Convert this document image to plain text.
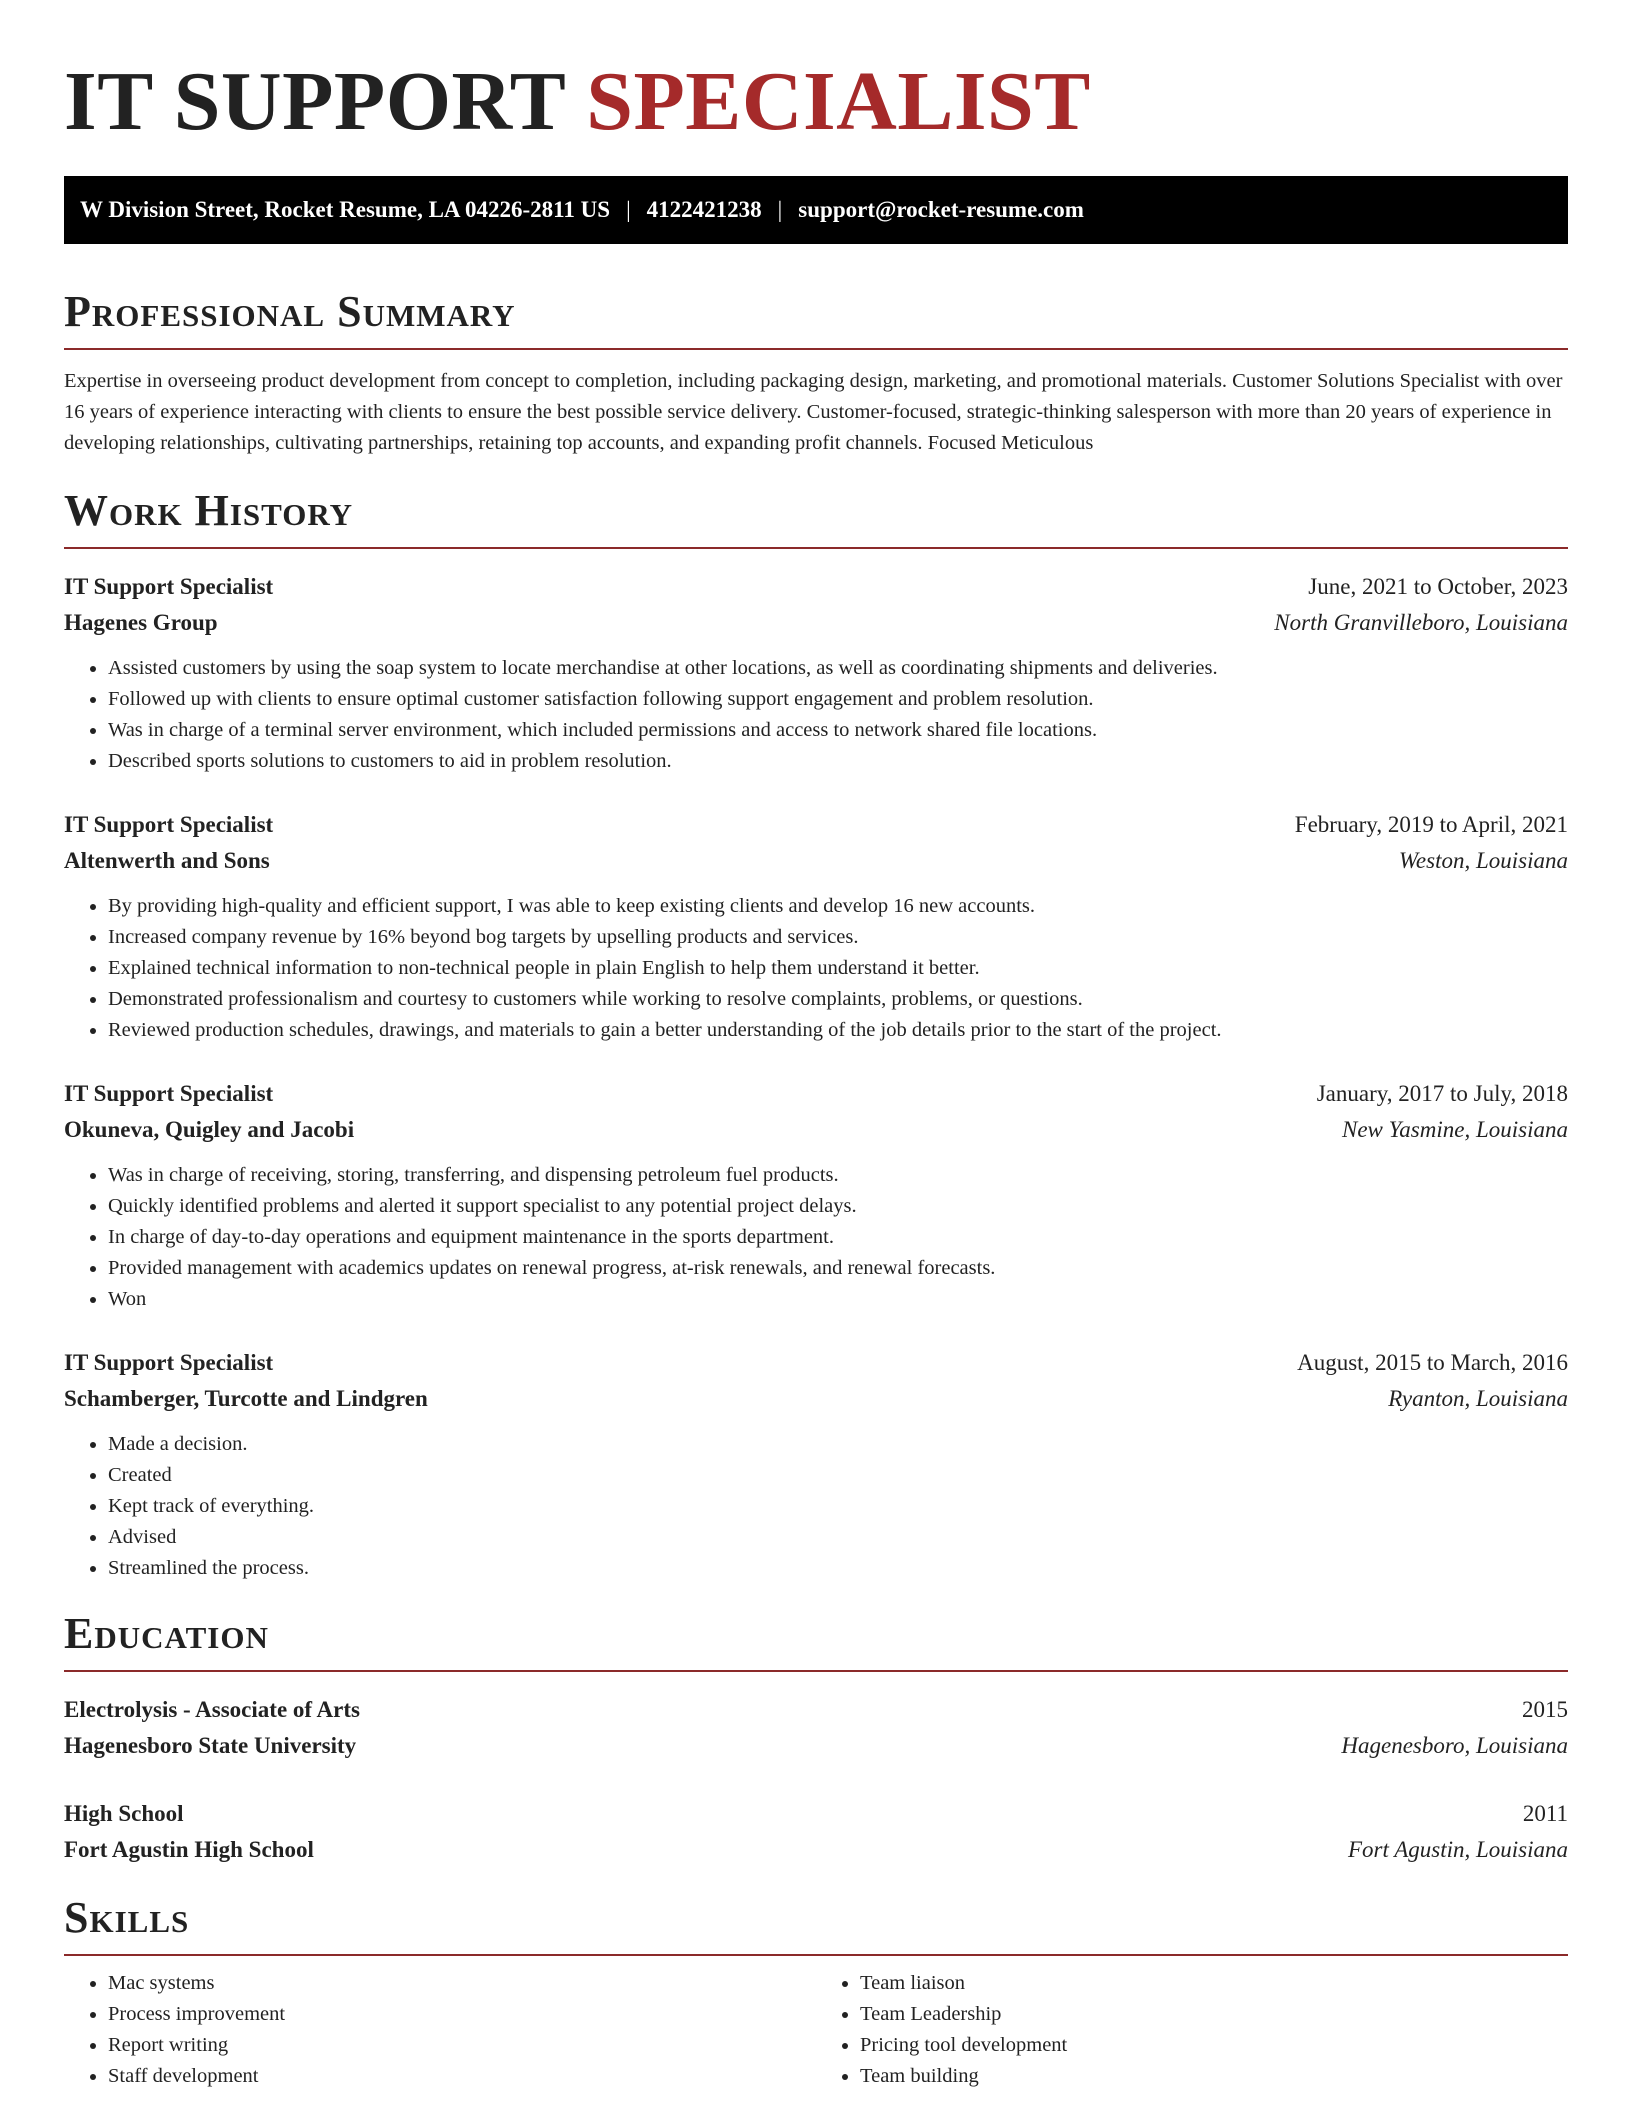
IT SUPPORT SPECIALIST
W Division Street, Rocket Resume, LA 04226-2811 US | 4122421238 | support@rocket-resume.com
Professional Summary

Expertise in overseeing product development from concept to completion, including packaging design, marketing, and promotional materials. Customer Solutions Specialist with over 16 years of experience interacting with clients to ensure the best possible service delivery. Customer-focused, strategic-thinking salesperson with more than 20 years of experience in developing relationships, cultivating partnerships, retaining top accounts, and expanding profit channels. Focused Meticulous

Work History
IT Support Specialist	June, 2021 to October, 2023
Hagenes Group	North Granvilleboro, Louisiana
• Assisted customers by using the soap system to locate merchandise at other locations, as well as coordinating shipments and deliveries.
• Followed up with clients to ensure optimal customer satisfaction following support engagement and problem resolution.
• Was in charge of a terminal server environment, which included permissions and access to network shared file locations.
• Described sports solutions to customers to aid in problem resolution.
IT Support Specialist	February, 2019 to April, 2021
Altenwerth and Sons	Weston, Louisiana
• By providing high-quality and efficient support, I was able to keep existing clients and develop 16 new accounts.
• Increased company revenue by 16% beyond bog targets by upselling products and services.
• Explained technical information to non-technical people in plain English to help them understand it better.
• Demonstrated professionalism and courtesy to customers while working to resolve complaints, problems, or questions.
• Reviewed production schedules, drawings, and materials to gain a better understanding of the job details prior to the start of the project.
IT Support Specialist	January, 2017 to July, 2018
Okuneva, Quigley and Jacobi	New Yasmine, Louisiana
• Was in charge of receiving, storing, transferring, and dispensing petroleum fuel products.
• Quickly identified problems and alerted it support specialist to any potential project delays.
• In charge of day-to-day operations and equipment maintenance in the sports department.
• Provided management with academics updates on renewal progress, at-risk renewals, and renewal forecasts.
• Won
IT Support Specialist	August, 2015 to March, 2016
Schamberger, Turcotte and Lindgren	Ryanton, Louisiana
• Made a decision.
• Created
• Kept track of everything.
• Advised
• Streamlined the process.
Education
Electrolysis - Associate of Arts	2015
Hagenesboro State University	Hagenesboro, Louisiana
High School	2011
Fort Agustin High School	Fort Agustin, Louisiana
Skills
• Mac systems
• Process improvement
• Report writing
• Staff development
• Team liaison
• Team Leadership
• Pricing tool development
• Team building
